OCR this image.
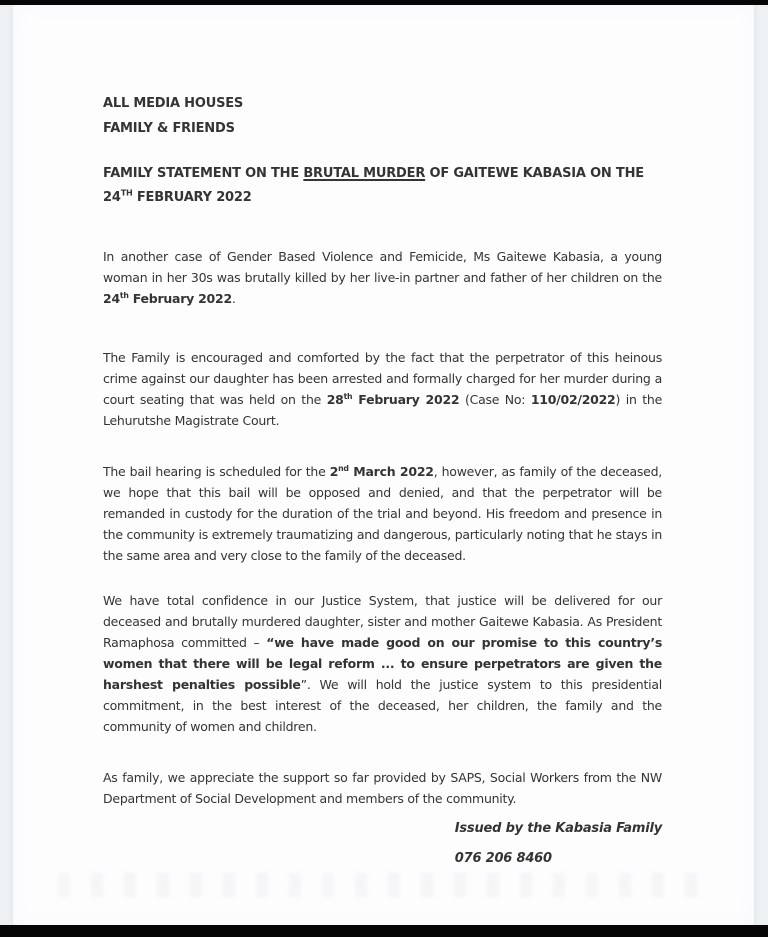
ALL MEDIA HOUSES
FAMILY & FRIENDS
FAMILY STATEMENT ON THE BRUTAL MURDER OF GAITEWE KABASIA ON THE 24TH FEBRUARY 2022

In another case of Gender Based Violence and Femicide, Ms Gaitewe Kabasia, a young woman in her 30s was brutally killed by her live-in partner and father of her children on the 24th February 2022.

The Family is encouraged and comforted by the fact that the perpetrator of this heinous crime against our daughter has been arrested and formally charged for her murder during a court seating that was held on the 28th February 2022 (Case No: 110/02/2022) in the Lehurutshe Magistrate Court.

The bail hearing is scheduled for the 2nd March 2022, however, as family of the deceased, we hope that this bail will be opposed and denied, and that the perpetrator will be remanded in custody for the duration of the trial and beyond. His freedom and presence in the community is extremely traumatizing and dangerous, particularly noting that he stays in the same area and very close to the family of the deceased.

We have total confidence in our Justice System, that justice will be delivered for our deceased and brutally murdered daughter, sister and mother Gaitewe Kabasia. As President Ramaphosa committed – “we have made good on our promise to this country’s women that there will be legal reform ... to ensure perpetrators are given the harshest penalties possible”. We will hold the justice system to this presidential commitment, in the best interest of the deceased, her children, the family and the community of women and children.

As family, we appreciate the support so far provided by SAPS, Social Workers from the NW Department of Social Development and members of the community.

Issued by the Kabasia Family
076 206 8460
